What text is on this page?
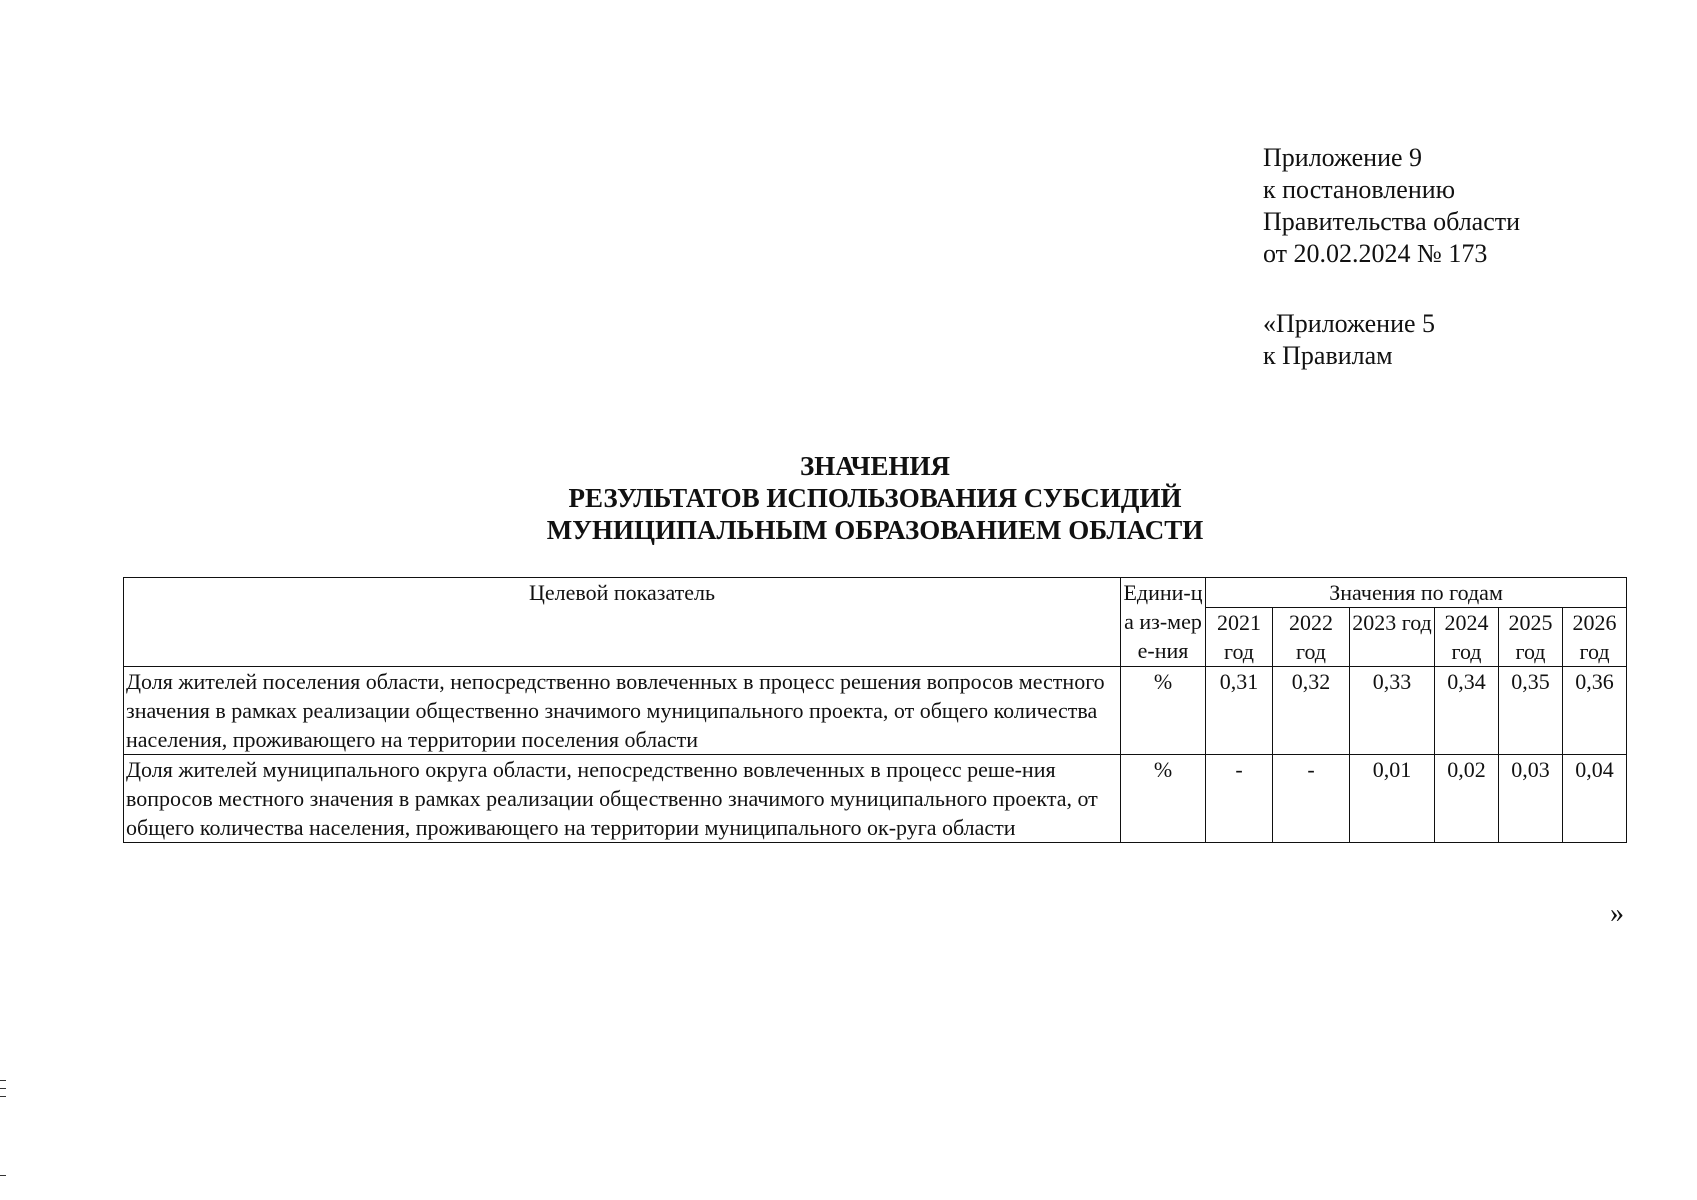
Приложение 9
к постановлению
Правительства области
от 20.02.2024 № 173
«Приложение 5
к Правилам
ЗНАЧЕНИЯ
РЕЗУЛЬТАТОВ ИСПОЛЬЗОВАНИЯ СУБСИДИЙ
МУНИЦИПАЛЬНЫМ ОБРАЗОВАНИЕМ ОБЛАСТИ
Целевой показатель	Едини-ца из-мере-ния	Значения по годам					
		2021 год	2022 год	2023 год	2024 год	2025 год	2026 год
Доля жителей поселения области, непосредственно вовлеченных в процесс решения вопросов местного значения в рамках реализации общественно значимого муниципального проекта, от общего количества населения, проживающего на территории поселения области	%	0,31	0,32	0,33	0,34	0,35	0,36
Доля жителей муниципального округа области, непосредственно вовлеченных в процесс реше-ния вопросов местного значения в рамках реализации общественно значимого муниципального проекта, от общего количества населения, проживающего на территории муниципального ок-руга области	%	-	-	0,01	0,02	0,03	0,04
»
